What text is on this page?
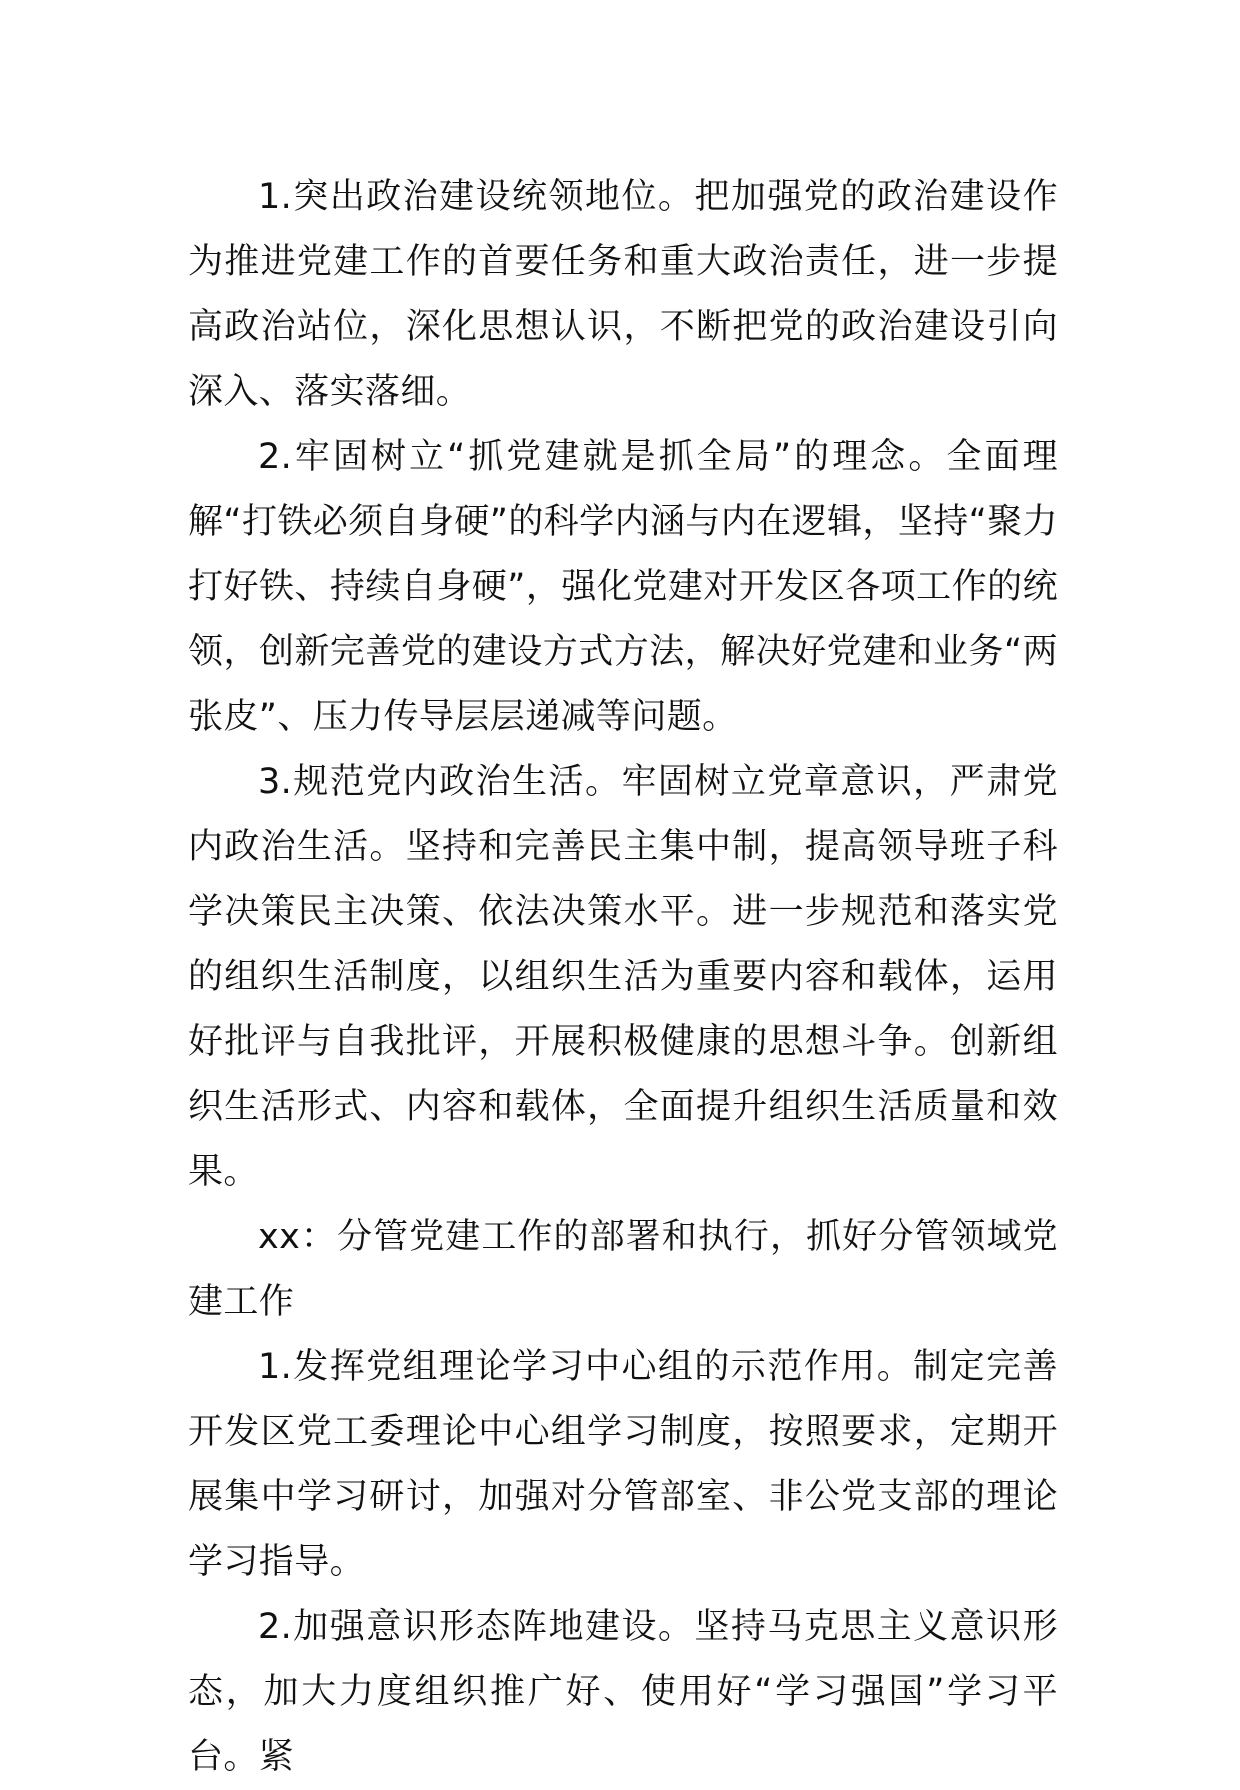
1.突出政治建设统领地位。把加强党的政治建设作为推进党建工作的首要任务和重大政治责任，进一步提高政治站位，深化思想认识，不断把党的政治建设引向深入、落实落细。

2.牢固树立“抓党建就是抓全局”的理念。全面理解“打铁必须自身硬”的科学内涵与内在逻辑，坚持“聚力打好铁、持续自身硬”，强化党建对开发区各项工作的统领，创新完善党的建设方式方法，解决好党建和业务“两张皮”、压力传导层层递减等问题。

3.规范党内政治生活。牢固树立党章意识，严肃党内政治生活。坚持和完善民主集中制，提高领导班子科学决策民主决策、依法决策水平。进一步规范和落实党的组织生活制度，以组织生活为重要内容和载体，运用好批评与自我批评，开展积极健康的思想斗争。创新组织生活形式、内容和载体，全面提升组织生活质量和效果。

xx：分管党建工作的部署和执行，抓好分管领域党建工作

1.发挥党组理论学习中心组的示范作用。制定完善开发区党工委理论中心组学习制度，按照要求，定期开展集中学习研讨，加强对分管部室、非公党支部的理论学习指导。

2.加强意识形态阵地建设。坚持马克思主义意识形态，加大力度组织推广好、使用好“学习强国”学习平台。紧
